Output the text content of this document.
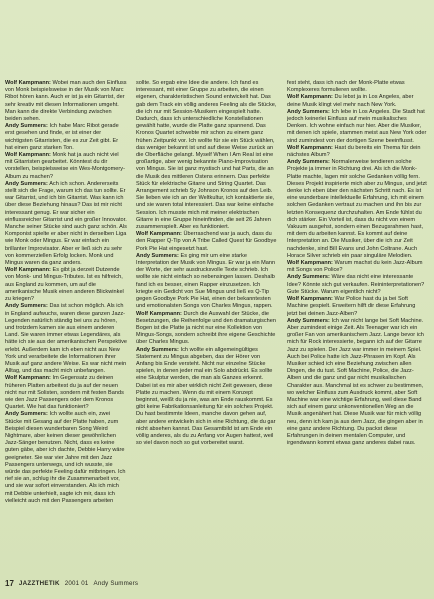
Wolf Kampmann: Wobei man auch den Einfluss von Monk beispielsweise in der Musik von Marc Ribot hören kann. Auch er ist ja ein Gitarrist, der sehr kreativ mit diesen Informationen umgeht. Man kann die direkte Verbindung zwischen beiden sehen.

Andy Summers: Ich habe Marc Ribot gerade erst gesehen und finde, er ist einer der wichtigsten Gitarristen, die es zur Zeit gibt. Er hat einen ganz starken Ton.

Wolf Kampmann: Monk hat ja auch nicht viel mit Gitarristen gearbeitet. Könntest du dir vorstellen, beispielsweise ein Wes-Montgomery-Album zu machen?

Andy Summers: Ach ich schon. Andererseits stellt sich die Frage, warum ich das tun sollte. Er war Gitarrist, und ich bin Gitarrist. Was kann ich über diese Beziehung hinaus? Das ist mir nicht interessant genug. Er war sicher ein einflussreicher Gitarrist und ein großer Innovator. Manche seiner Stücke sind auch ganz schön. Als Komponist spielte er aber nicht in derselben Liga wie Monk oder Mingus. Er war einfach ein brillanter Improvisator. Aber er ließ sich zu sehr von kommerziellen Erfolg locken. Monk und Mingus waren da ganz anders.

Wolf Kampmann: Es gibt ja derzeit Dutzende von Monk- und Mingus-Tributes. Ist es hilfreich, aus England zu kommen, um auf die amerikanische Musik einen anderen Blickwinkel zu kriegen?

Andy Summers: Das ist schon möglich. Als ich in England aufwuchs, waren diese ganzen Jazz-Legenden natürlich ständig bei uns zu hören, und trotzdem kamen sie aus einem anderen Land. Sie waren immer etwas Legendäres, als hätte ich sie aus der amerikanischen Perspektive erlebt. Außerdem kam ich eben nicht aus New York und verarbeitete die Informationen ihrer Musik auf ganz andere Weise. Es war nicht mein Alltag, und das macht mich unbefangen.

Wolf Kampmann: Im Gegensatz zu deinen früheren Platten arbeitest du ja auf der neuen nicht nur mit Solisten, sondern mit festen Bands wie den Jazz Passengers oder dem Kronos Quartet. Wie hat das funktioniert?

Andy Summers: Ich wollte auch ein, zwei Stücke mit Gesang auf der Platte haben, zum Beispiel diesen wunderbaren Song Weird Nightmare, aber keinen dieser gewöhnlichen Jazz-Sänger benutzen. Nicht, dass es keine guten gäbe, aber ich dachte, Debbie Harry wäre geeigneter. Sie war vier Jahre mit den Jazz Passengers unterwegs, und ich wusste, sie würde das perfekte Feeling dafür mitbringen. Ich rief sie an, schlug ihr die Zusammenarbeit vor, und sie war sofort einverstanden. Als ich mich mit Debbie unterhielt, sagte ich mir, dass ich vielleicht auch mit den Passengers arbeiten

sollte. So ergab eine Idee die andere. Ich fand es interessant, mit einer Gruppe zu arbeiten, die einen eigenen, charakteristischen Sound entwickelt hat. Das gab dem Track ein völlig anderes Feeling als die Stücke, die ich nur mit Session-Musikern eingespielt hatte. Dadurch, dass ich unterschiedliche Konstellationen gewählt hatte, wurde die Platte ganz spannend. Das Kronos Quartet schwebte mir schon zu einem ganz frühen Zeitpunkt vor. Ich wollte für sie ein Stück wählen, das weniger bekannt ist und auf diese Weise zurück an die Oberfläche gelangt. Myself When I Am Real ist eine großartige, aber wenig bekannte Piano-Improvisation von Mingus. Sie ist ganz mystisch und hat Parts, die an die Musik des mittleren Ostens erinnern. Das perfekte Stück für elektrische Gitarre und String Quartet. Das Arrangement schrieb Sy Johnson Kronos auf den Leib. Sie lieben wie ich an der Weltkultur, ich kontaktierte sie, und sie waren total interessiert. Das war keine einfache Session. Ich musste mich mit meiner elektrischen Gitarre in eine Gruppe hineinfinden, die seit 26 Jahren zusammenspielt. Aber es funktioniert.

Wolf Kampmann: Überraschend war ja auch, dass du den Rapper Q-Tip von A Tribe Called Quest für Goodbye Pork Pie Hat eingesetzt hast.

Andy Summers: Es ging mir um eine starke Interpretation der Musik von Mingus. Er war ja ein Mann der Worte, der sehr ausdrucksvolle Texte schrieb. Ich wollte sie nicht einfach so nebensingen lassen. Deshalb fand ich es besser, einen Rapper einzusetzen. Ich kriegte ein Gedicht von Sue Mingus und ließ es Q-Tip gegen Goodbye Pork Pie Hat, einen der bekanntesten und emotionalsten Songs von Charles Mingus, rappen.

Wolf Kampmann: Durch die Auswahl der Stücke, die Besetzungen, die Reihenfolge und den dramaturgischen Bogen ist die Platte ja nicht nur eine Kollektion von Mingus-Songs, sondern schreibt ihre eigene Geschichte über Charles Mingus.

Andy Summers: Ich wollte ein allgemeingültiges Statement zu Mingus abgeben, das der Hörer von Anfang bis Ende versteht. Nicht nur einzelne Stücke spielen, in denen jeder mal ein Solo abdrückt. Es sollte eine Skulptur werden, die man als Ganzes erkennt. Dabei ist es mir aber wirklich nicht Zeit gewesen, diese Platte zu machen. Wenn du mit einem Konzept beginnst, weißt du ja nie, was am Ende rauskommt. Es gibt keine Fabrikationsanleitung für ein solches Projekt. Du hast bestimmte Ideen, manche davon gehen auf, aber andere entwickeln sich in eine Richtung, die du gar nicht absehen kannst. Das Gesamtbild ist am Ende ein völlig anderes, als du zu Anfang vor Augen hattest, weil so viel davon noch so gut vorbereitet warst.

fest steht, dass ich nach der Monk-Platte etwas Komplexeres formulieren wollte.

Wolf Kampmann: Du lebst ja in Los Angeles, aber deine Musik klingt viel mehr nach New York.

Andy Summers: Ich lebe in Los Angeles. Die Stadt hat jedoch keinerlei Einfluss auf mein musikalisches Denken. Ich wohne einfach nur hier. Aber die Musiker, mit denen ich spiele, stammen meist aus New York oder sind zumindest von der dortigen Szene beeinflusst.

Wolf Kampmann: Hast du bereits ein Thema für dein nächstes Album?

Andy Summers: Normalerweise tendieren solche Projekte ja immer in Richtung drei. Als ich die Monk-Platte machte, lagen mir solche Gedanken völlig fern. Dieses Projekt inspirierte mich aber zu Mingus, und jetzt denke ich eben über den nächsten Schritt nach. Es ist eine wunderbare intellektuelle Erfahrung, ich mit einem solchen Gedanken vertraut zu machen und ihn bis zur letzten Konsequenz durchzuhalten. Am Ende fühlst du dich stärker. Ein Vorteil ist, dass du nicht von einem Vakuum ausgehst, sondern einen Bezugsrahmen hast, mit dem du arbeiten kannst. Es kommt auf deine Interpretation an. Die Musiker, über die ich zur Zeit nachdenke, sind Bill Evans und John Coltrane. Auch Horace Silver schrieb ein paar singuläre Melodien.

Wolf Kampmann: Warum machst du kein Jazz-Album mit Songs von Police?

Andy Summers: Wäre das nicht eine interessante Idee? Könnte sich gut verkaufen. Reininterpretationen? Gute Stücke. Warum eigentlich nicht?

Wolf Kampmann: War Police hast du ja bei Soft Machine gespielt. Erweitern hilft dir diese Erfahrung jetzt bei deinen Jazz-Alben?

Andy Summers: Ich war nicht lange bei Soft Machine. Aber zumindest einige Zeit. Als Teenager war ich ein großer Fan von amerikanischem Jazz. Lange bevor ich mich für Rock interessierte, begann ich auf der Gitarre Jazz zu spielen. Der Jazz war immer in meinem Spiel. Auch bei Police hatte ich Jazz-Phrasen im Kopf. Als Musiker schied ich eine Beziehung zwischen allen Dingen, die du tust. Soft Machine, Police, die Jazz-Alben und die ganz und gar nicht musikalischen Charakter aus. Manchmal ist es schwer zu bestimmen, wo welcher Einfluss zum Ausdruck kommt, aber Soft Machine war eine wichtige Erfahrung, weil diese Band sich auf einem ganz unkonventionellen Weg an die Musik angenähert hat. Diese Musik war für mich völlig neu, denn ich kam ja aus dem Jazz, die gingen aber in eine ganz andere Richtung. Du packst diese Erfahrungen in deinen mentalen Computer, und irgendwann kommt etwas ganz anderes dabei raus.

17 JAZZTHETIK 2001 01 Andy Summers
